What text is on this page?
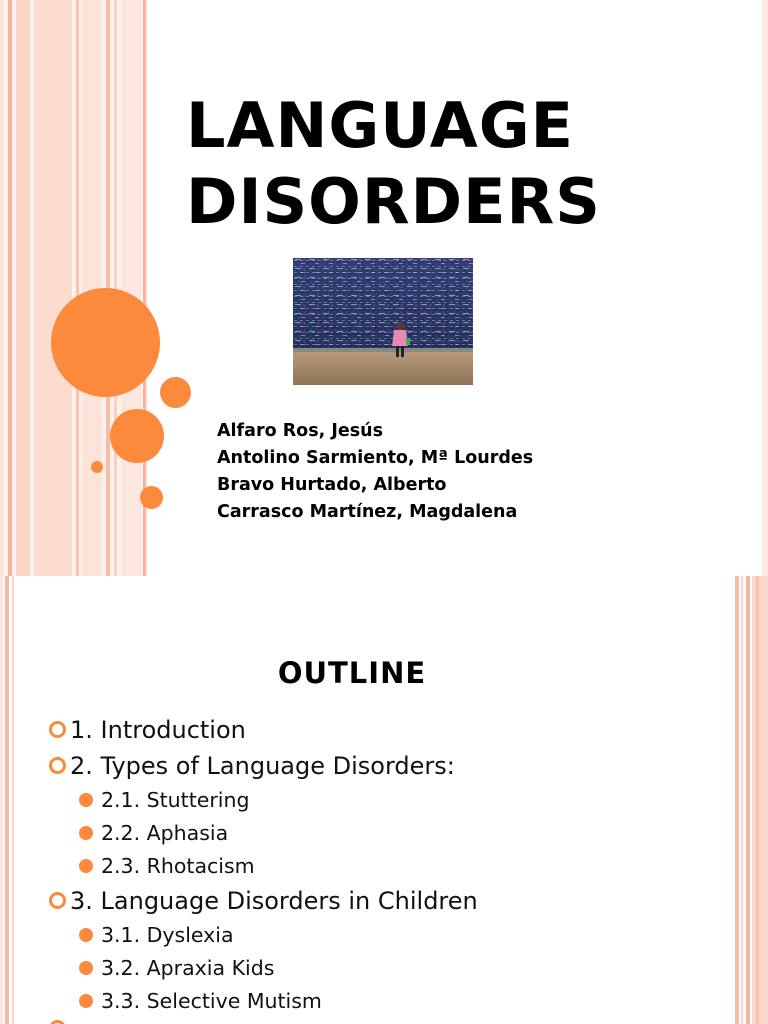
LANGUAGE
DISORDERS
Alfaro Ros, Jesús
Antolino Sarmiento, Mª Lourdes
Bravo Hurtado, Alberto
Carrasco Martínez, Magdalena
OUTLINE
1. Introduction
2. Types of Language Disorders:
2.1. Stuttering
2.2. Aphasia
2.3. Rhotacism
3. Language Disorders in Children
3.1. Dyslexia
3.2. Apraxia Kids
3.3. Selective Mutism
